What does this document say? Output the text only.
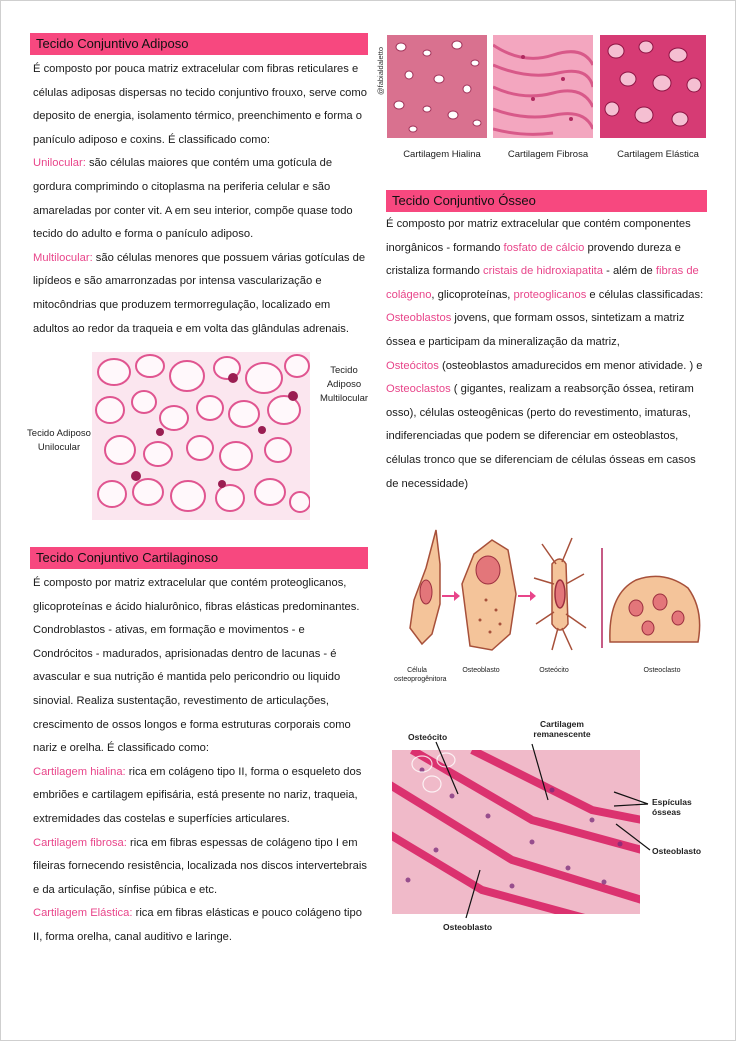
Tecido Conjuntivo Adiposo
É composto por pouca matriz extracelular com fibras reticulares e células adiposas dispersas no tecido conjuntivo frouxo, serve como deposito de energia, isolamento térmico, preenchimento e forma o panículo adiposo e coxins. É classificado como:
Unilocular: são células maiores que contém uma gotícula de gordura comprimindo o citoplasma na periferia celular e são amareladas por conter vit. A em seu interior, compõe quase todo tecido do adulto e forma o panículo adiposo.
Multilocular: são células menores que possuem várias gotículas de lipídeos e são amarronzadas por intensa vascularização e mitocôndrias que produzem termorregulação, localizado em adultos ao redor da traqueia e em volta das glândulas adrenais.
Tecido Adiposo
Multilocular
Tecido Adiposo
Unilocular
@fabialdaletto
Cartilagem Hialina	Cartilagem Fibrosa	Cartilagem Elástica
Tecido Conjuntivo Ósseo
É composto por matriz extracelular que contém componentes inorgânicos - formando fosfato de cálcio provendo dureza e cristaliza formando cristais de hidroxiapatita - além de fibras de colágeno, glicoproteínas, proteoglicanos e células classificadas:
Osteoblastos jovens, que formam ossos, sintetizam a matriz óssea e participam da mineralização da matriz,
Osteócitos (osteoblastos amadurecidos em menor atividade. ) e Osteoclastos ( gigantes, realizam a reabsorção óssea, retiram osso), células osteogênicas (perto do revestimento, imaturas, indiferenciadas que podem se diferenciar em osteoblastos, células tronco que se diferenciam de células ósseas em casos de necessidade)
Célula osteoprogênitora
Osteoblasto	Osteócito	Osteoclasto
Osteócito
Cartilagem remanescente
Espículas ósseas
Osteoblasto
Osteoblasto
Tecido Conjuntivo Cartilaginoso
É composto por matriz extracelular que contém proteoglicanos, glicoproteínas e ácido hialurônico, fibras elásticas predominantes. Condroblastos - ativas, em formação e movimentos - e Condrócitos - madurados, aprisionadas dentro de lacunas - é avascular e sua nutrição é mantida pelo pericondrio ou liquido sinovial. Realiza sustentação, revestimento de articulações, crescimento de ossos longos e forma estruturas corporais como nariz e orelha. É classificado como:
Cartilagem hialina: rica em colágeno tipo II, forma o esqueleto dos embriões e cartilagem epifisária, está presente no nariz, traqueia, extremidades das costelas e superfícies articulares.
Cartilagem fibrosa: rica em fibras espessas de colágeno tipo I em fileiras fornecendo resistência, localizada nos discos intervertebrais e da articulação, sínfise púbica e etc.
Cartilagem Elástica: rica em fibras elásticas e pouco colágeno tipo II, forma orelha, canal auditivo e laringe.
